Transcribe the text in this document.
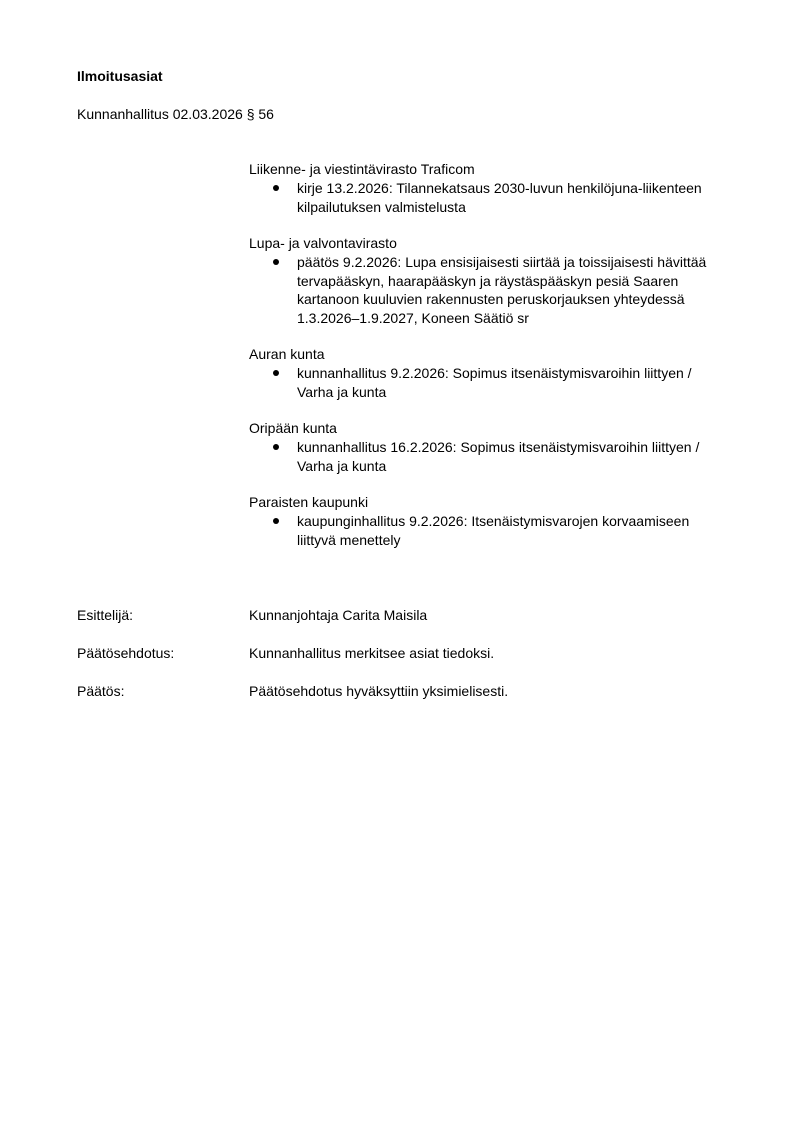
Ilmoitusasiat
Kunnanhallitus 02.03.2026 § 56

Liikenne- ja viestintävirasto Traficom

kirje 13.2.2026: Tilannekatsaus 2030-luvun henkilöjuna-liikenteen kilpailutuksen valmistelusta

Lupa- ja valvontavirasto

päätös 9.2.2026: Lupa ensisijaisesti siirtää ja toissijaisesti hävittää tervapääskyn, haarapääskyn ja räystäspääskyn pesiä Saaren kartanoon kuuluvien rakennusten peruskorjauksen yhteydessä 1.3.2026–1.9.2027, Koneen Säätiö sr

Auran kunta

kunnanhallitus 9.2.2026: Sopimus itsenäistymisvaroihin liittyen / Varha ja kunta

Oripään kunta

kunnanhallitus 16.2.2026: Sopimus itsenäistymisvaroihin liittyen / Varha ja kunta

Paraisten kaupunki

kaupunginhallitus 9.2.2026: Itsenäistymisvarojen korvaamiseen liittyvä menettely
Esittelijä:	Kunnanjohtaja Carita Maisila
Päätösehdotus:	Kunnanhallitus merkitsee asiat tiedoksi.
Päätös:	Päätösehdotus hyväksyttiin yksimielisesti.
